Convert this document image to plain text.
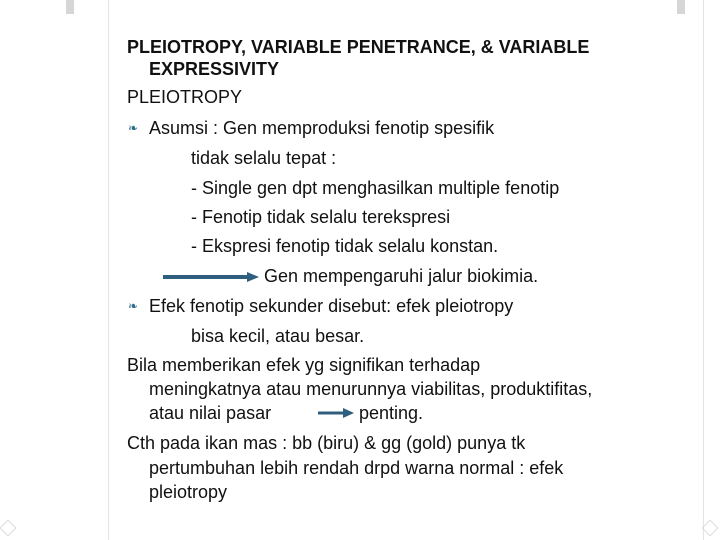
PLEIOTROPY, VARIABLE PENETRANCE, & VARIABLE
EXPRESSIVITY
PLEIOTROPY
❧ Asumsi : Gen memproduksi fenotip spesifik
tidak selalu tepat :
- Single gen dpt menghasilkan multiple fenotip
- Fenotip tidak selalu terekspresi
- Ekspresi fenotip tidak selalu konstan.
Gen mempengaruhi jalur biokimia.
❧ Efek fenotip sekunder disebut: efek pleiotropy
bisa kecil, atau besar.
Bila memberikan efek yg signifikan terhadap
meningkatnya atau menurunnya viabilitas, produktifitas,
atau nilai pasar	penting.
Cth pada ikan mas : bb (biru) & gg (gold) punya tk
pertumbuhan lebih rendah drpd warna normal : efek
pleiotropy
